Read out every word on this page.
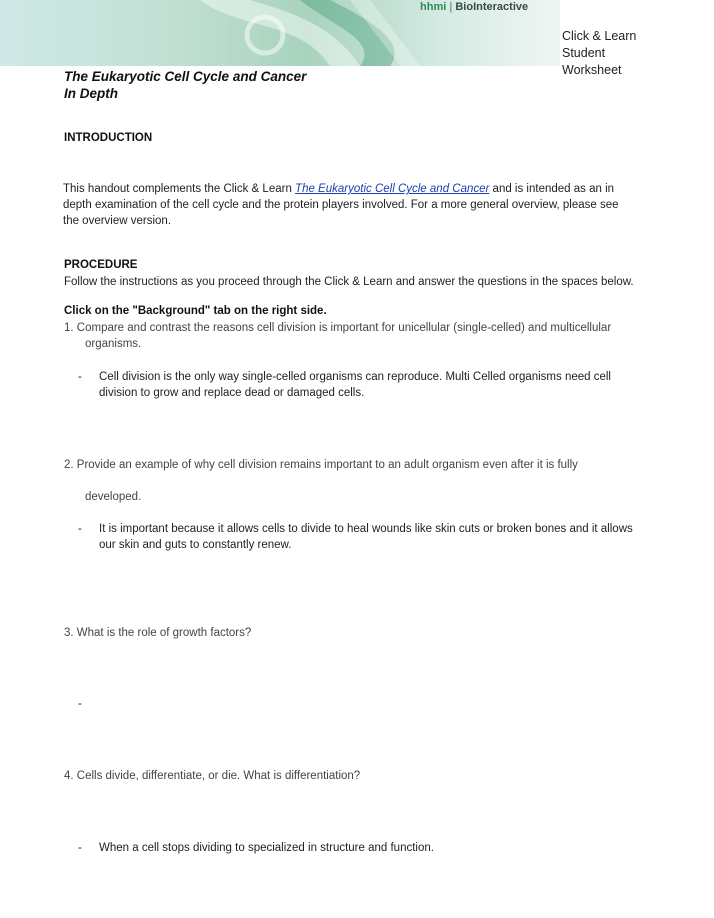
hhmi | BioInteractive
Click & Learn
Student
Worksheet
The Eukaryotic Cell Cycle and Cancer
In Depth
INTRODUCTION
This handout complements the Click & Learn The Eukaryotic Cell Cycle and Cancer and is intended as an in
depth examination of the cell cycle and the protein players involved. For a more general overview, please see
the overview version.
PROCEDURE
Follow the instructions as you proceed through the Click & Learn and answer the questions in the spaces below.
Click on the "Background" tab on the right side.
1. Compare and contrast the reasons cell division is important for unicellular (single-celled) and multicellular
organisms.
-	Cell division is the only way single-celled organisms can reproduce. Multi Celled organisms need cell
division to grow and replace dead or damaged cells.
2. Provide an example of why cell division remains important to an adult organism even after it is fully
developed.
-	It is important because it allows cells to divide to heal wounds like skin cuts or broken bones and it allows
our skin and guts to constantly renew.
3. What is the role of growth factors?
-
4. Cells divide, differentiate, or die. What is differentiation?
-	When a cell stops dividing to specialized in structure and function.
